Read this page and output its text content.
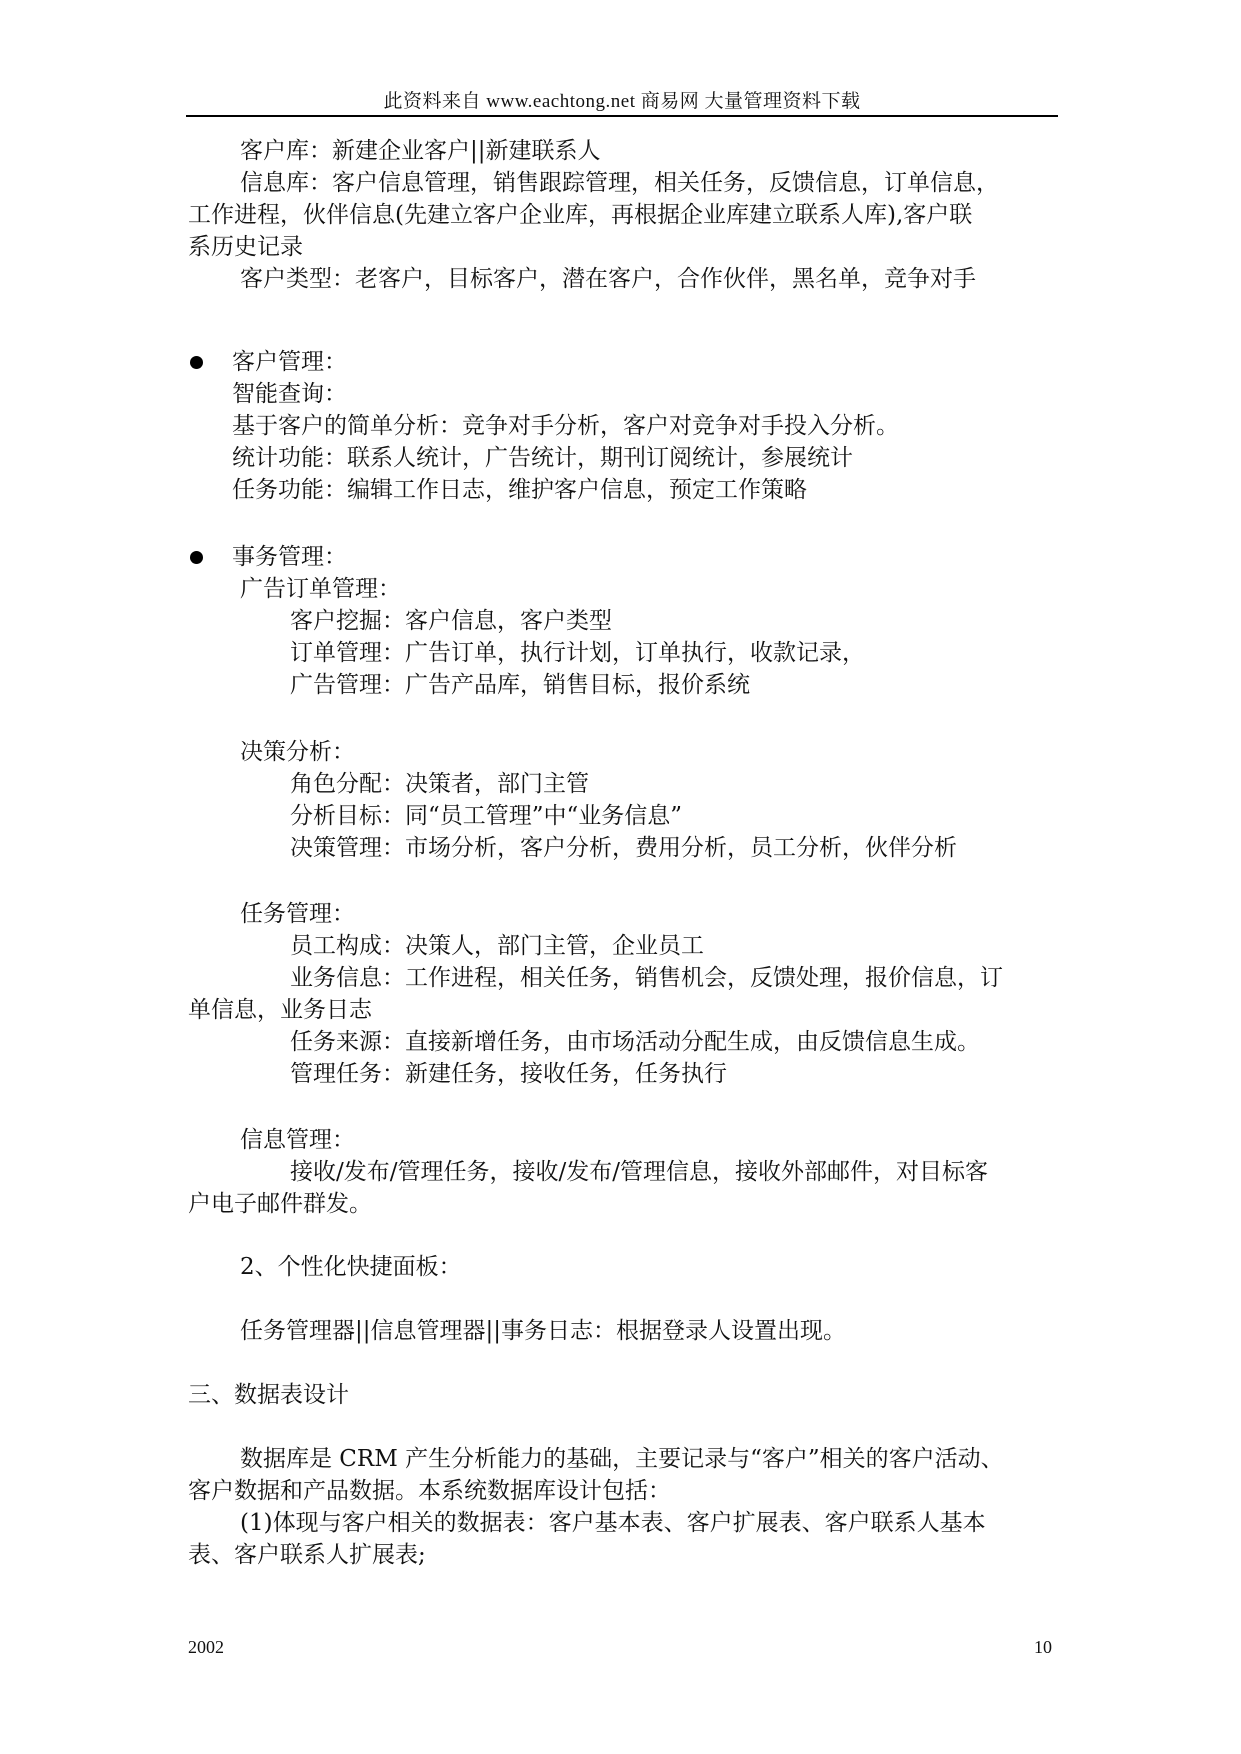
此资料来自 www.eachtong.net 商易网 大量管理资料下载
客户库：新建企业客户||新建联系人
信息库：客户信息管理，销售跟踪管理，相关任务，反馈信息，订单信息，
工作进程，伙伴信息(先建立客户企业库，再根据企业库建立联系人库),客户联
系历史记录
客户类型：老客户，目标客户，潜在客户，合作伙伴，黑名单，竞争对手
客户管理：
智能查询：
基于客户的简单分析：竞争对手分析，客户对竞争对手投入分析。
统计功能：联系人统计，广告统计，期刊订阅统计，参展统计
任务功能：编辑工作日志，维护客户信息，预定工作策略
事务管理：
广告订单管理：
客户挖掘：客户信息，客户类型
订单管理：广告订单，执行计划，订单执行，收款记录，
广告管理：广告产品库，销售目标，报价系统
决策分析：
角色分配：决策者，部门主管
分析目标：同“员工管理”中“业务信息”
决策管理：市场分析，客户分析，费用分析，员工分析，伙伴分析
任务管理：
员工构成：决策人，部门主管，企业员工
业务信息：工作进程，相关任务，销售机会，反馈处理，报价信息，订
单信息，业务日志
任务来源：直接新增任务，由市场活动分配生成，由反馈信息生成。
管理任务：新建任务，接收任务，任务执行
信息管理：
接收/发布/管理任务，接收/发布/管理信息，接收外部邮件，对目标客
户电子邮件群发。
2、个性化快捷面板：
任务管理器||信息管理器||事务日志：根据登录人设置出现。
三、数据表设计
数据库是 CRM 产生分析能力的基础，主要记录与“客户”相关的客户活动、
客户数据和产品数据。本系统数据库设计包括：
(1)体现与客户相关的数据表：客户基本表、客户扩展表、客户联系人基本
表、客户联系人扩展表;
2002	10
